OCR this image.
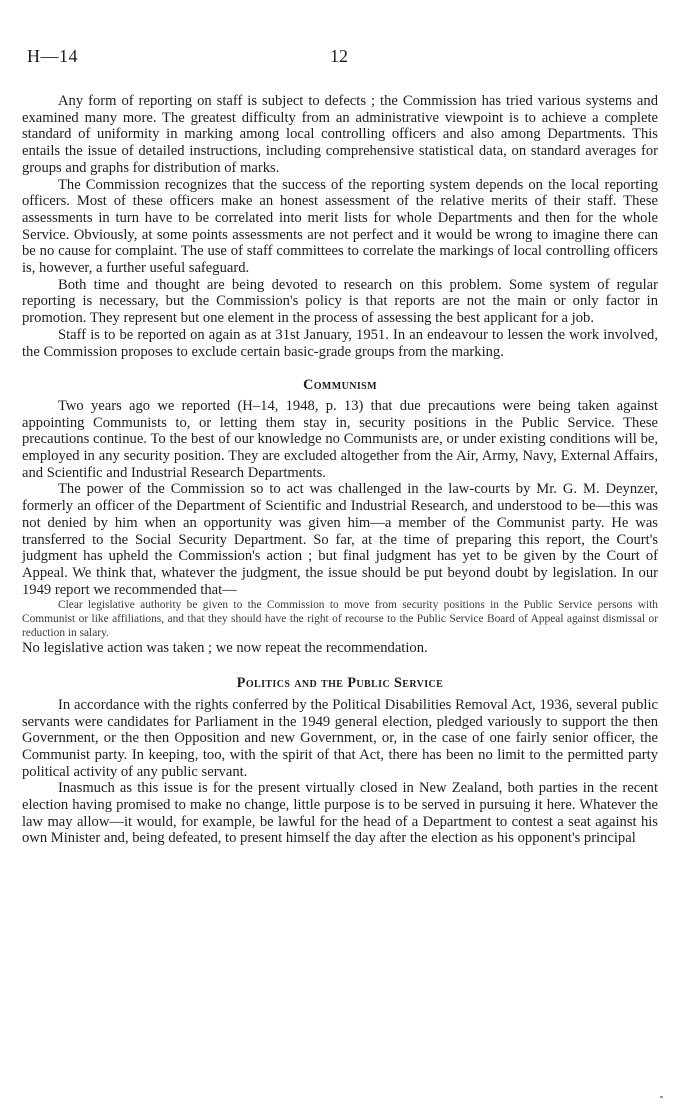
H—14	12

Any form of reporting on staff is subject to defects ; the Commission has tried various systems and examined many more. The greatest difficulty from an administrative viewpoint is to achieve a complete standard of uniformity in marking among local controlling officers and also among Departments. This entails the issue of detailed instructions, including comprehensive statistical data, on standard averages for groups and graphs for distribution of marks.

The Commission recognizes that the success of the reporting system depends on the local reporting officers. Most of these officers make an honest assessment of the relative merits of their staff. These assessments in turn have to be correlated into merit lists for whole Departments and then for the whole Service. Obviously, at some points assessments are not perfect and it would be wrong to imagine there can be no cause for complaint. The use of staff committees to correlate the markings of local controlling officers is, however, a further useful safeguard.

Both time and thought are being devoted to research on this problem. Some system of regular reporting is necessary, but the Commission's policy is that reports are not the main or only factor in promotion. They represent but one element in the process of assessing the best applicant for a job.

Staff is to be reported on again as at 31st January, 1951. In an endeavour to lessen the work involved, the Commission proposes to exclude certain basic-grade groups from the marking.

Communism

Two years ago we reported (H–14, 1948, p. 13) that due precautions were being taken against appointing Communists to, or letting them stay in, security positions in the Public Service. These precautions continue. To the best of our knowledge no Communists are, or under existing conditions will be, employed in any security position. They are excluded altogether from the Air, Army, Navy, External Affairs, and Scientific and Industrial Research Departments.

The power of the Commission so to act was challenged in the law-courts by Mr. G. M. Deynzer, formerly an officer of the Department of Scientific and Industrial Research, and understood to be—this was not denied by him when an opportunity was given him—a member of the Communist party. He was transferred to the Social Security Department. So far, at the time of preparing this report, the Court's judgment has upheld the Commission's action ; but final judgment has yet to be given by the Court of Appeal. We think that, whatever the judgment, the issue should be put beyond doubt by legislation. In our 1949 report we recommended that—

Clear legislative authority be given to the Commission to move from security positions in the Public Service persons with Communist or like affiliations, and that they should have the right of recourse to the Public Service Board of Appeal against dismissal or reduction in salary.

No legislative action was taken ; we now repeat the recommendation.

Politics and the Public Service

In accordance with the rights conferred by the Political Disabilities Removal Act, 1936, several public servants were candidates for Parliament in the 1949 general election, pledged variously to support the then Government, or the then Opposition and new Government, or, in the case of one fairly senior officer, the Communist party. In keeping, too, with the spirit of that Act, there has been no limit to the permitted party political activity of any public servant.

Inasmuch as this issue is for the present virtually closed in New Zealand, both parties in the recent election having promised to make no change, little purpose is to be served in pursuing it here. Whatever the law may allow—it would, for example, be lawful for the head of a Department to contest a seat against his own Minister and, being defeated, to present himself the day after the election as his opponent's principal
